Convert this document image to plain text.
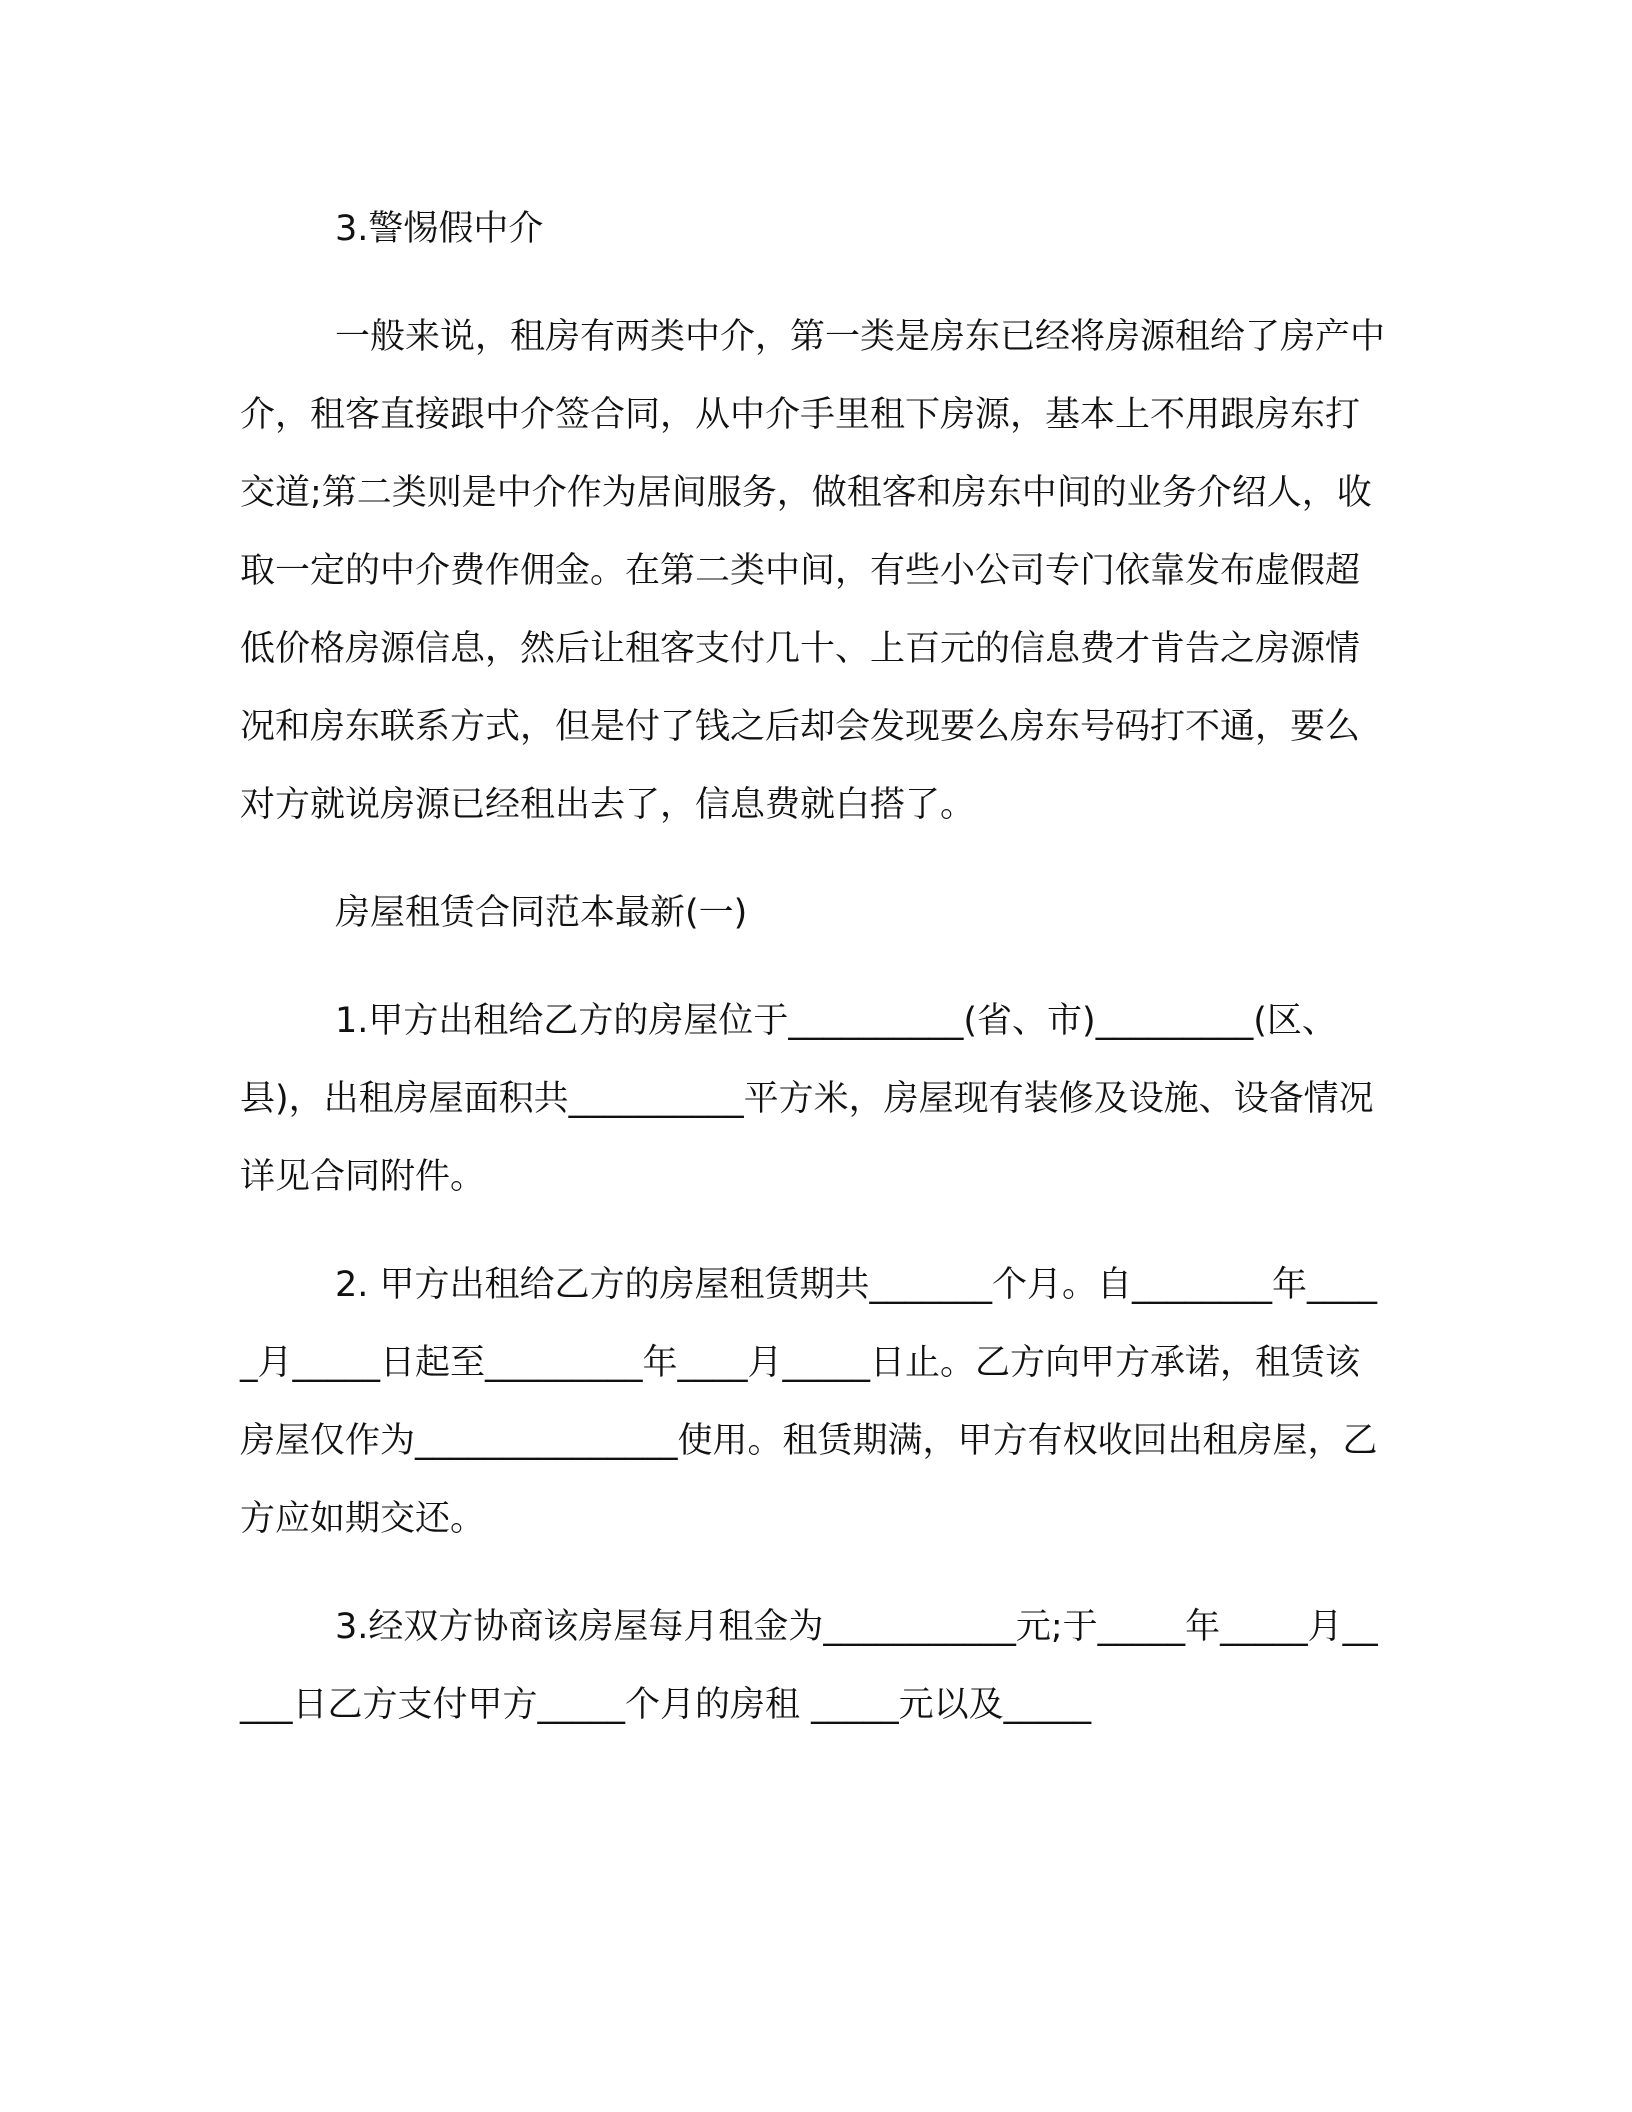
3.警惕假中介

一般来说，租房有两类中介，第一类是房东已经将房源租给了房产中介，租客直接跟中介签合同，从中介手里租下房源，基本上不用跟房东打交道;第二类则是中介作为居间服务，做租客和房东中间的业务介绍人，收取一定的中介费作佣金。在第二类中间，有些小公司专门依靠发布虚假超低价格房源信息，然后让租客支付几十、上百元的信息费才肯告之房源情况和房东联系方式，但是付了钱之后却会发现要么房东号码打不通，要么对方就说房源已经租出去了，信息费就白搭了。

房屋租赁合同范本最新(一)

1.甲方出租给乙方的房屋位于__________(省、市)_________(区、县)，出租房屋面积共__________平方米，房屋现有装修及设施、设备情况详见合同附件。

2. 甲方出租给乙方的房屋租赁期共_______个月。自________年_____月_____日起至_________年____月_____日止。乙方向甲方承诺，租赁该房屋仅作为_______________使用。租赁期满，甲方有权收回出租房屋，乙方应如期交还。

3.经双方协商该房屋每月租金为___________元;于_____年_____月_____日乙方支付甲方_____个月的房租 _____元以及_____
